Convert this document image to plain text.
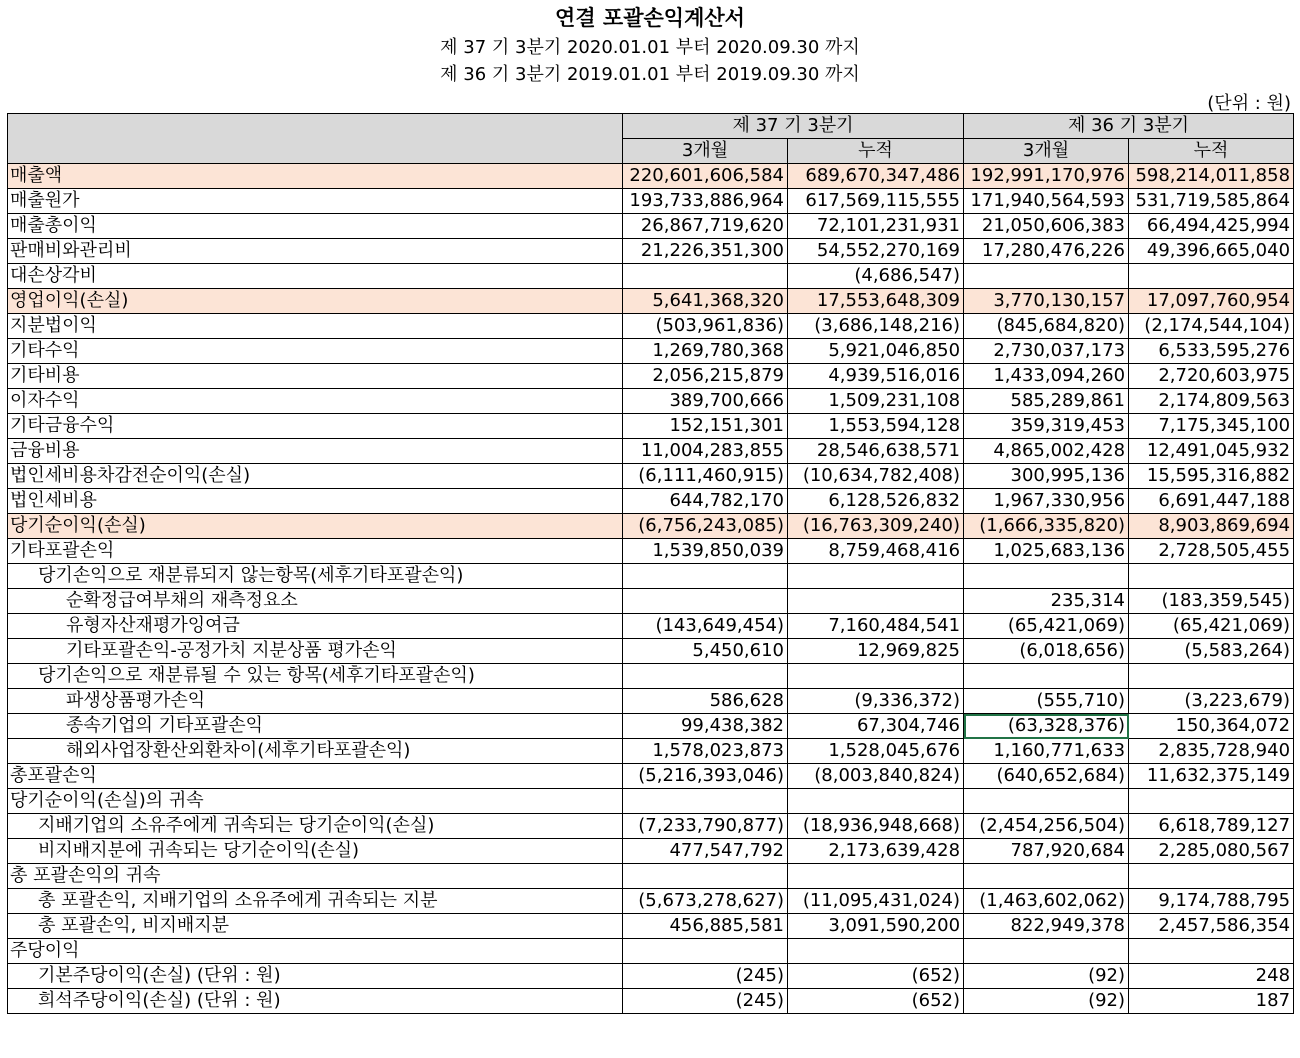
연결 포괄손익계산서
제 37 기 3분기 2020.01.01 부터 2020.09.30 까지
제 36 기 3분기 2019.01.01 부터 2019.09.30 까지
(단위 : 원)
	제 37 기 3분기		제 36 기 3분기	
	3개월	누적	3개월	누적
매출액	220,601,606,584	689,670,347,486	192,991,170,976	598,214,011,858
매출원가	193,733,886,964	617,569,115,555	171,940,564,593	531,719,585,864
매출총이익	26,867,719,620	72,101,231,931	21,050,606,383	66,494,425,994
판매비와관리비	21,226,351,300	54,552,270,169	17,280,476,226	49,396,665,040
대손상각비		(4,686,547)		
영업이익(손실)	5,641,368,320	17,553,648,309	3,770,130,157	17,097,760,954
지분법이익	(503,961,836)	(3,686,148,216)	(845,684,820)	(2,174,544,104)
기타수익	1,269,780,368	5,921,046,850	2,730,037,173	6,533,595,276
기타비용	2,056,215,879	4,939,516,016	1,433,094,260	2,720,603,975
이자수익	389,700,666	1,509,231,108	585,289,861	2,174,809,563
기타금융수익	152,151,301	1,553,594,128	359,319,453	7,175,345,100
금융비용	11,004,283,855	28,546,638,571	4,865,002,428	12,491,045,932
법인세비용차감전순이익(손실)	(6,111,460,915)	(10,634,782,408)	300,995,136	15,595,316,882
법인세비용	644,782,170	6,128,526,832	1,967,330,956	6,691,447,188
당기순이익(손실)	(6,756,243,085)	(16,763,309,240)	(1,666,335,820)	8,903,869,694
기타포괄손익	1,539,850,039	8,759,468,416	1,025,683,136	2,728,505,455
당기손익으로 재분류되지 않는항목(세후기타포괄손익)				
순확정급여부채의 재측정요소			235,314	(183,359,545)
유형자산재평가잉여금	(143,649,454)	7,160,484,541	(65,421,069)	(65,421,069)
기타포괄손익-공정가치 지분상품 평가손익	5,450,610	12,969,825	(6,018,656)	(5,583,264)
당기손익으로 재분류될 수 있는 항목(세후기타포괄손익)				
파생상품평가손익	586,628	(9,336,372)	(555,710)	(3,223,679)
종속기업의 기타포괄손익	99,438,382	67,304,746	(63,328,376)	150,364,072
해외사업장환산외환차이(세후기타포괄손익)	1,578,023,873	1,528,045,676	1,160,771,633	2,835,728,940
총포괄손익	(5,216,393,046)	(8,003,840,824)	(640,652,684)	11,632,375,149
당기순이익(손실)의 귀속				
지배기업의 소유주에게 귀속되는 당기순이익(손실)	(7,233,790,877)	(18,936,948,668)	(2,454,256,504)	6,618,789,127
비지배지분에 귀속되는 당기순이익(손실)	477,547,792	2,173,639,428	787,920,684	2,285,080,567
총 포괄손익의 귀속				
총 포괄손익, 지배기업의 소유주에게 귀속되는 지분	(5,673,278,627)	(11,095,431,024)	(1,463,602,062)	9,174,788,795
총 포괄손익, 비지배지분	456,885,581	3,091,590,200	822,949,378	2,457,586,354
주당이익				
기본주당이익(손실) (단위 : 원)	(245)	(652)	(92)	248
희석주당이익(손실) (단위 : 원)	(245)	(652)	(92)	187
